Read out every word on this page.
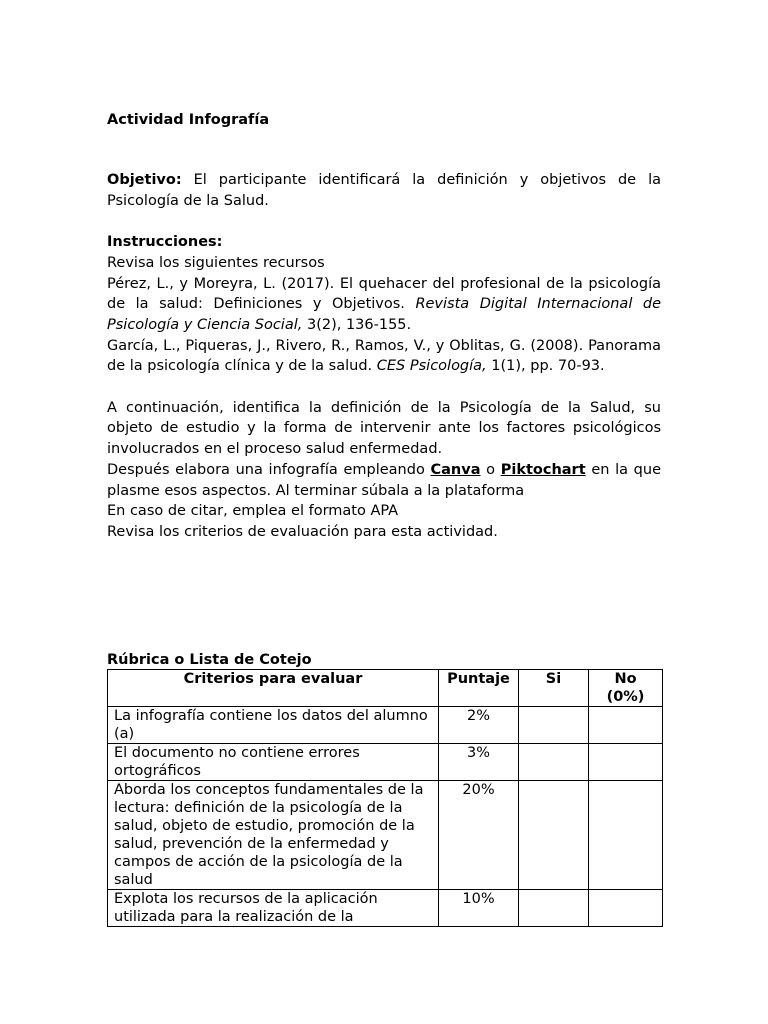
Actividad Infografía

Objetivo: El participante identificará la definición y objetivos de la

Psicología de la Salud.

Instrucciones:

Revisa los siguientes recursos

Pérez, L., y Moreyra, L. (2017). El quehacer del profesional de la psicología de la salud: Definiciones y Objetivos. Revista Digital Internacional de Psicología y Ciencia Social, 3(2), 136-155.

García, L., Piqueras, J., Rivero, R., Ramos, V., y Oblitas, G. (2008). Panorama de la psicología clínica y de la salud. CES Psicología, 1(1), pp. 70-93.

A continuación, identifica la definición de la Psicología de la Salud, su objeto de estudio y la forma de intervenir ante los factores psicológicos involucrados en el proceso salud enfermedad.

Después elabora una infografía empleando Canva o Piktochart en la que plasme esos aspectos. Al terminar súbala a la plataforma

En caso de citar, emplea el formato APA

Revisa los criterios de evaluación para esta actividad.

Rúbrica o Lista de Cotejo
Criterios para evaluar	Puntaje	Si	No
(0%)
La infografía contiene los datos del alumno (a)	2%		
El documento no contiene errores ortográficos	3%		
Aborda los conceptos fundamentales de la lectura: definición de la psicología de la salud, objeto de estudio, promoción de la salud, prevención de la enfermedad y campos de acción de la psicología de la salud	20%		
Explota los recursos de la aplicación utilizada para la realización de la	10%		
